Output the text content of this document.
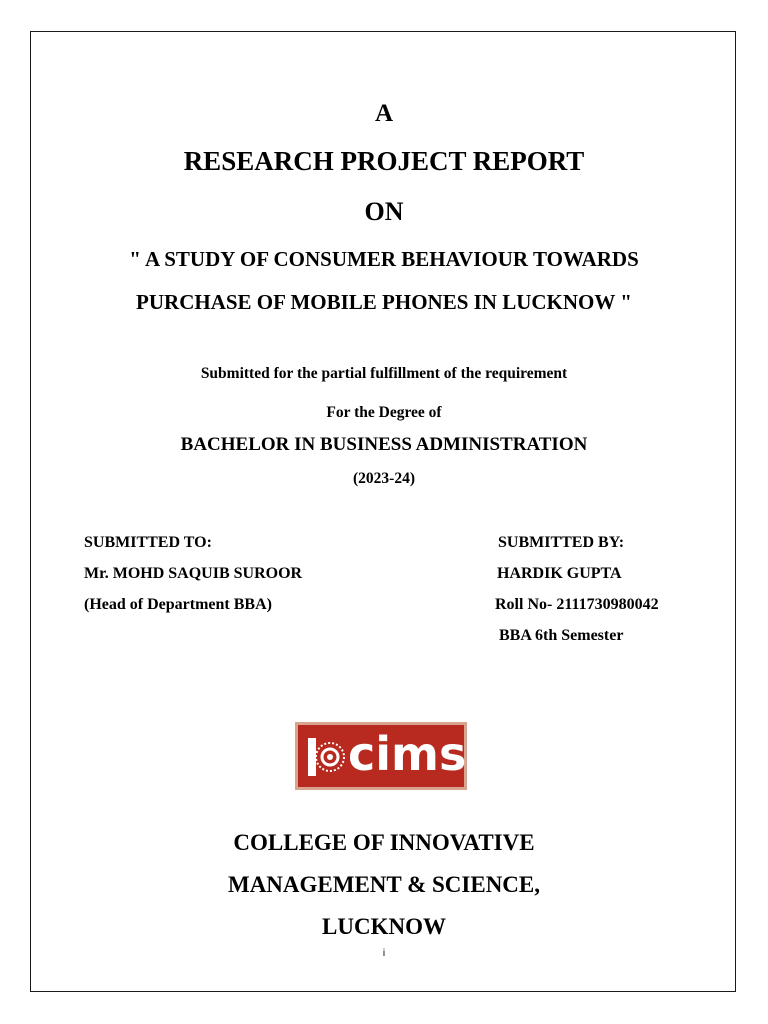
A
RESEARCH PROJECT REPORT
ON
" A STUDY OF CONSUMER BEHAVIOUR TOWARDS
PURCHASE OF MOBILE PHONES IN LUCKNOW "
Submitted for the partial fulfillment of the requirement
For the Degree of
BACHELOR IN BUSINESS ADMINISTRATION
(2023-24)
SUBMITTED TO:
Mr. MOHD SAQUIB SUROOR
(Head of Department BBA)
SUBMITTED BY:
HARDIK GUPTA
Roll No- 2111730980042
BBA 6th Semester
cims
COLLEGE OF INNOVATIVE
MANAGEMENT & SCIENCE,
LUCKNOW
i
